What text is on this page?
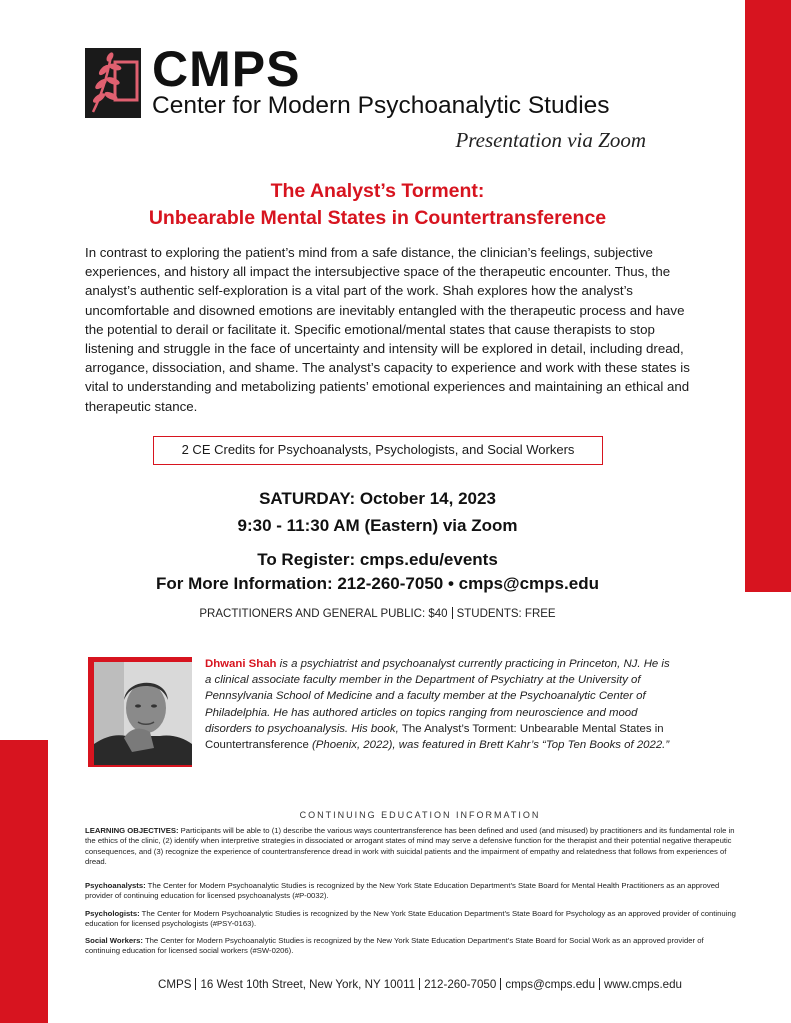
CMPS
Center for Modern Psychoanalytic Studies
Presentation via Zoom
The Analyst’s Torment:
Unbearable Mental States in Countertransference
In contrast to exploring the patient’s mind from a safe distance, the clinician’s feelings, subjective experiences, and history all impact the intersubjective space of the therapeutic encounter. Thus, the analyst’s authentic self-exploration is a vital part of the work. Shah explores how the analyst’s uncomfortable and disowned emotions are inevitably entangled with the therapeutic process and have the potential to derail or facilitate it. Specific emotional/mental states that cause therapists to stop listening and struggle in the face of uncertainty and intensity will be explored in detail, including dread, arrogance, dissociation, and shame. The analyst’s capacity to experience and work with these states is vital to understanding and metabolizing patients’ emotional experiences and maintaining an ethical and therapeutic stance.
2 CE Credits for Psychoanalysts, Psychologists, and Social Workers
SATURDAY: October 14, 2023
9:30 - 11:30 AM (Eastern) via Zoom
To Register: cmps.edu/events
For More Information: 212-260-7050 • cmps@cmps.edu
PRACTITIONERS AND GENERAL PUBLIC: $40 STUDENTS: FREE
Dhwani Shah is a psychiatrist and psychoanalyst currently practicing in Princeton, NJ. He is a clinical associate faculty member in the Department of Psychiatry at the University of Pennsylvania School of Medicine and a faculty member at the Psychoanalytic Center of Philadelphia. He has authored articles on topics ranging from neuroscience and mood disorders to psychoanalysis. His book, The Analyst’s Torment: Unbearable Mental States in Countertransference (Phoenix, 2022), was featured in Brett Kahr’s “Top Ten Books of 2022.”
CONTINUING EDUCATION INFORMATION
LEARNING OBJECTIVES: Participants will be able to (1) describe the various ways countertransference has been defined and used (and misused) by practitioners and its fundamental role in the ethics of the clinic, (2) identify when interpretive strategies in dissociated or arrogant states of mind may serve a defensive function for the therapist and their potential negative therapeutic consequences, and (3) recognize the experience of countertransference dread in work with suicidal patients and the impairment of empathy and relatedness that follows from experiences of dread.
Psychoanalysts: The Center for Modern Psychoanalytic Studies is recognized by the New York State Education Department’s State Board for Mental Health Practitioners as an approved provider of continuing education for licensed psychoanalysts (#P-0032).
Psychologists: The Center for Modern Psychoanalytic Studies is recognized by the New York State Education Department’s State Board for Psychology as an approved provider of continuing education for licensed psychologists (#PSY-0163).
Social Workers: The Center for Modern Psychoanalytic Studies is recognized by the New York State Education Department’s State Board for Social Work as an approved provider of continuing education for licensed social workers (#SW-0206).
CMPS 16 West 10th Street, New York, NY 10011 212-260-7050 cmps@cmps.edu www.cmps.edu
